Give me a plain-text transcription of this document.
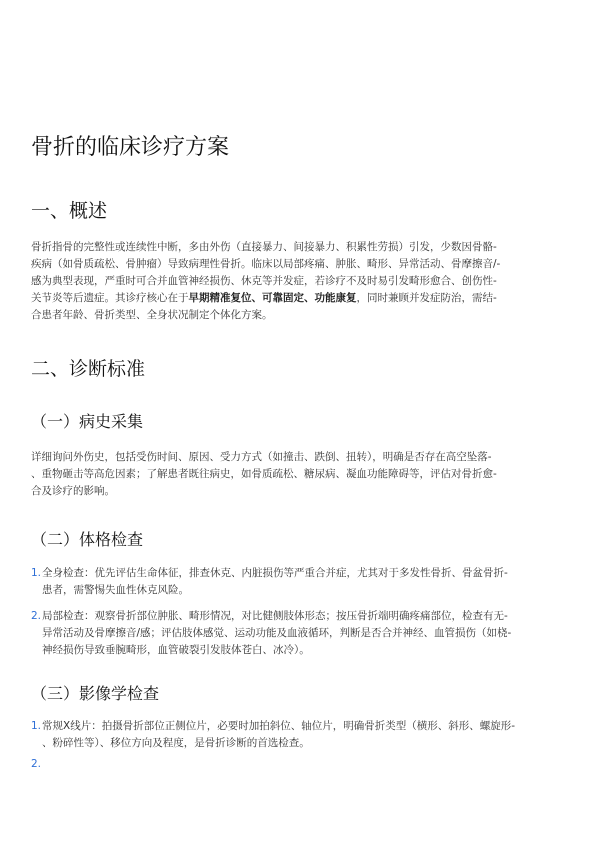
骨折的临床诊疗方案
一、概述

骨折指骨的完整性或连续性中断，多由外伤（直接暴力、间接暴力、积累性劳损）引发，少数因骨骼-
疾病（如骨质疏松、骨肿瘤）导致病理性骨折。临床以局部疼痛、肿胀、畸形、异常活动、骨摩擦音/-
感为典型表现，严重时可合并血管神经损伤、休克等并发症，若诊疗不及时易引发畸形愈合、创伤性-
关节炎等后遗症。其诊疗核心在于早期精准复位、可靠固定、功能康复，同时兼顾并发症防治，需结-
合患者年龄、骨折类型、全身状况制定个体化方案。

二、诊断标准
（一）病史采集

详细询问外伤史，包括受伤时间、原因、受力方式（如撞击、跌倒、扭转），明确是否存在高空坠落-
、重物砸击等高危因素；了解患者既往病史，如骨质疏松、糖尿病、凝血功能障碍等，评估对骨折愈-
合及诊疗的影响。

（二）体格检查
1. 全身检查：优先评估生命体征，排查休克、内脏损伤等严重合并症，尤其对于多发性骨折、骨盆骨折-
患者，需警惕失血性休克风险。
2. 局部检查：观察骨折部位肿胀、畸形情况，对比健侧肢体形态；按压骨折端明确疼痛部位，检查有无-
异常活动及骨摩擦音/感；评估肢体感觉、运动功能及血液循环，判断是否合并神经、血管损伤（如桡-
神经损伤导致垂腕畸形，血管破裂引发肢体苍白、冰冷）。
（三）影像学检查
1. 常规X线片：拍摄骨折部位正侧位片，必要时加拍斜位、轴位片，明确骨折类型（横形、斜形、螺旋形-
、粉碎性等）、移位方向及程度，是骨折诊断的首选检查。
2.
